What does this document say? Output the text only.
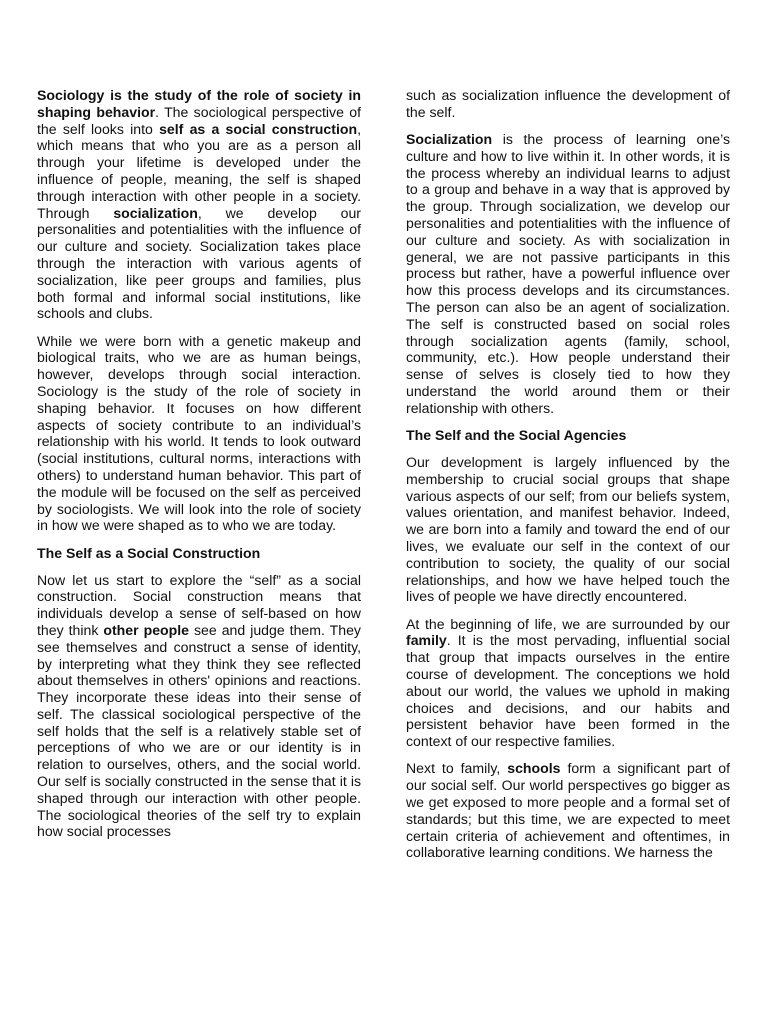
Sociology is the study of the role of society in shaping behavior. The sociological perspective of the self looks into self as a social construction, which means that who you are as a person all through your lifetime is developed under the influence of people, meaning, the self is shaped through interaction with other people in a society. Through socialization, we develop our personalities and potentialities with the influence of our culture and society. Socialization takes place through the interaction with various agents of socialization, like peer groups and families, plus both formal and informal social institutions, like schools and clubs.

While we were born with a genetic makeup and biological traits, who we are as human beings, however, develops through social interaction. Sociology is the study of the role of society in shaping behavior. It focuses on how different aspects of society contribute to an individual’s relationship with his world. It tends to look outward (social institutions, cultural norms, interactions with others) to understand human behavior. This part of the module will be focused on the self as perceived by sociologists. We will look into the role of society in how we were shaped as to who we are today.

The Self as a Social Construction

Now let us start to explore the “self” as a social construction. Social construction means that individuals develop a sense of self-based on how they think other people see and judge them. They see themselves and construct a sense of identity, by interpreting what they think they see reflected about themselves in others' opinions and reactions. They incorporate these ideas into their sense of self. The classical sociological perspective of the self holds that the self is a relatively stable set of perceptions of who we are or our identity is in relation to ourselves, others, and the social world. Our self is socially constructed in the sense that it is shaped through our interaction with other people. The sociological theories of the self try to explain how social processes

such as socialization influence the development of the self.

Socialization is the process of learning one’s culture and how to live within it. In other words, it is the process whereby an individual learns to adjust to a group and behave in a way that is approved by the group. Through socialization, we develop our personalities and potentialities with the influence of our culture and society. As with socialization in general, we are not passive participants in this process but rather, have a powerful influence over how this process develops and its circumstances. The person can also be an agent of socialization. The self is constructed based on social roles through socialization agents (family, school, community, etc.). How people understand their sense of selves is closely tied to how they understand the world around them or their relationship with others.

The Self and the Social Agencies

Our development is largely influenced by the membership to crucial social groups that shape various aspects of our self; from our beliefs system, values orientation, and manifest behavior. Indeed, we are born into a family and toward the end of our lives, we evaluate our self in the context of our contribution to society, the quality of our social relationships, and how we have helped touch the lives of people we have directly encountered.

At the beginning of life, we are surrounded by our family. It is the most pervading, influential social that group that impacts ourselves in the entire course of development. The conceptions we hold about our world, the values we uphold in making choices and decisions, and our habits and persistent behavior have been formed in the context of our respective families.

Next to family, schools form a significant part of our social self. Our world perspectives go bigger as we get exposed to more people and a formal set of standards; but this time, we are expected to meet certain criteria of achievement and oftentimes, in collaborative learning conditions. We harness the
